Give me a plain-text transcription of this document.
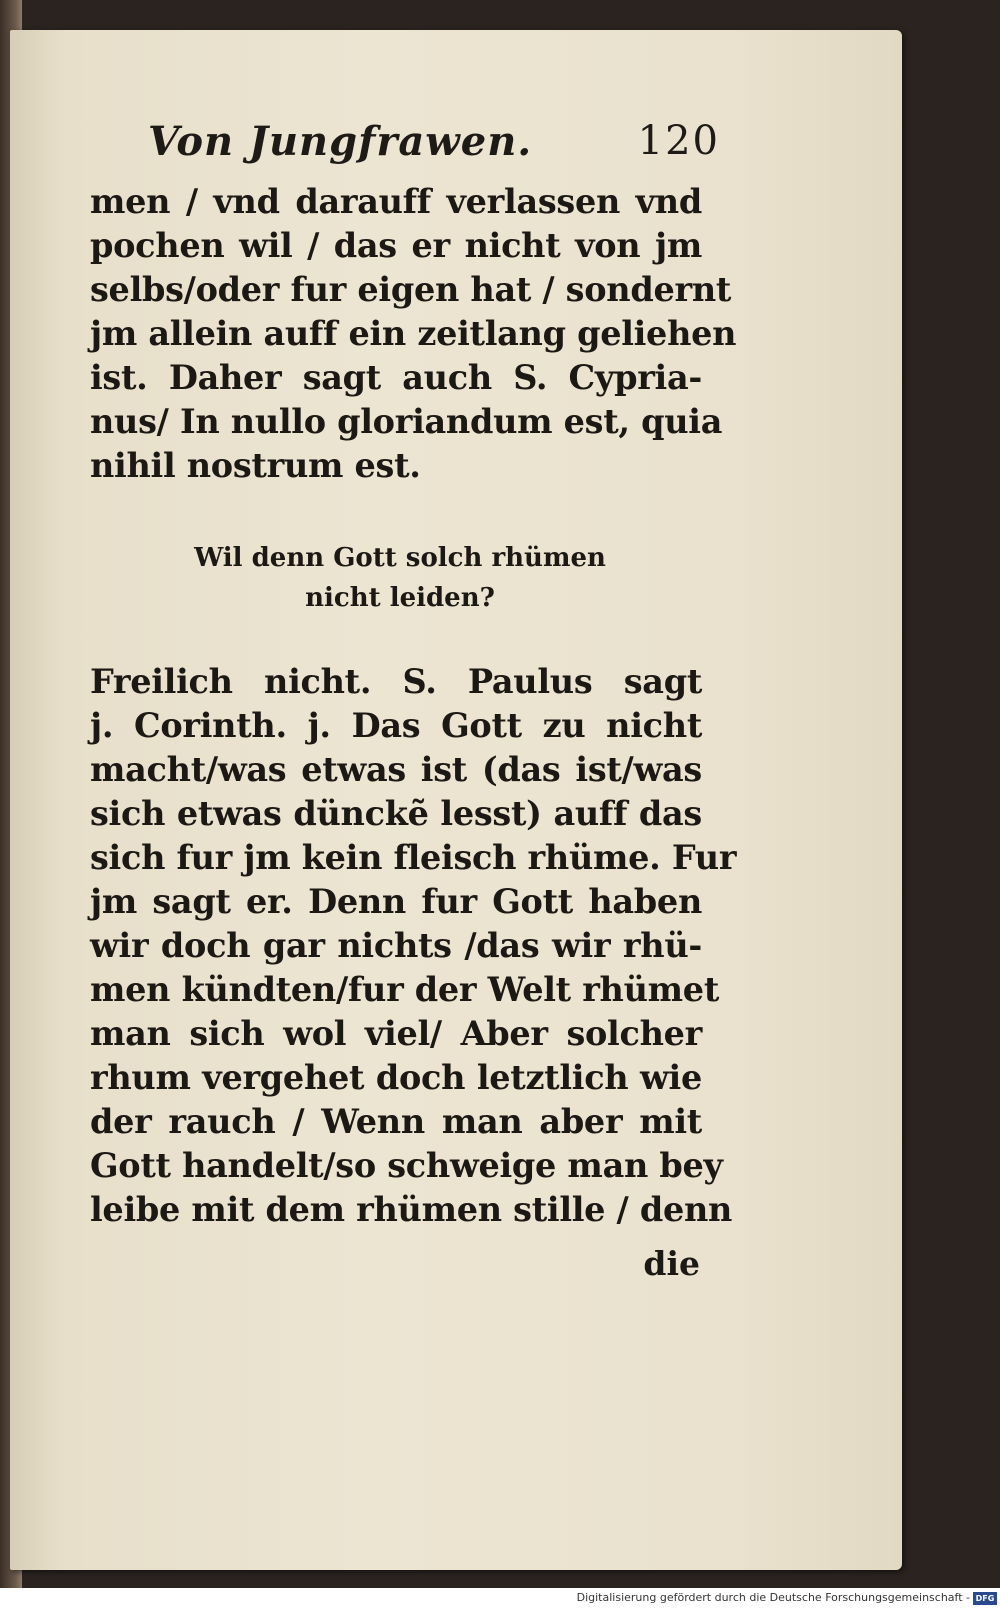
Von Jungfrawen.	120
men / vnd darauff verlassen vnd
pochen wil / das er nicht von jm
selbs/oder fur eigen hat / sondernt
jm allein auff ein zeitlang geliehen
ist. Daher sagt auch S. Cypria-
nus/ In nullo gloriandum est, quia
nihil nostrum est.
Wil denn Gott solch rhümen
nicht leiden?
Freilich nicht. S. Paulus sagt
j. Corinth. j. Das Gott zu nicht
macht/was etwas ist (das ist/was
sich etwas dünckẽ lesst) auff das
sich fur jm kein fleisch rhüme. Fur
jm sagt er. Denn fur Gott haben
wir doch gar nichts /das wir rhü-
men kündten/fur der Welt rhümet
man sich wol viel/ Aber solcher
rhum vergehet doch letztlich wie
der rauch / Wenn man aber mit
Gott handelt/so schweige man bey
leibe mit dem rhümen stille / denn
die
Digitalisierung gefördert durch die Deutsche Forschungsgemeinschaft - DFG
